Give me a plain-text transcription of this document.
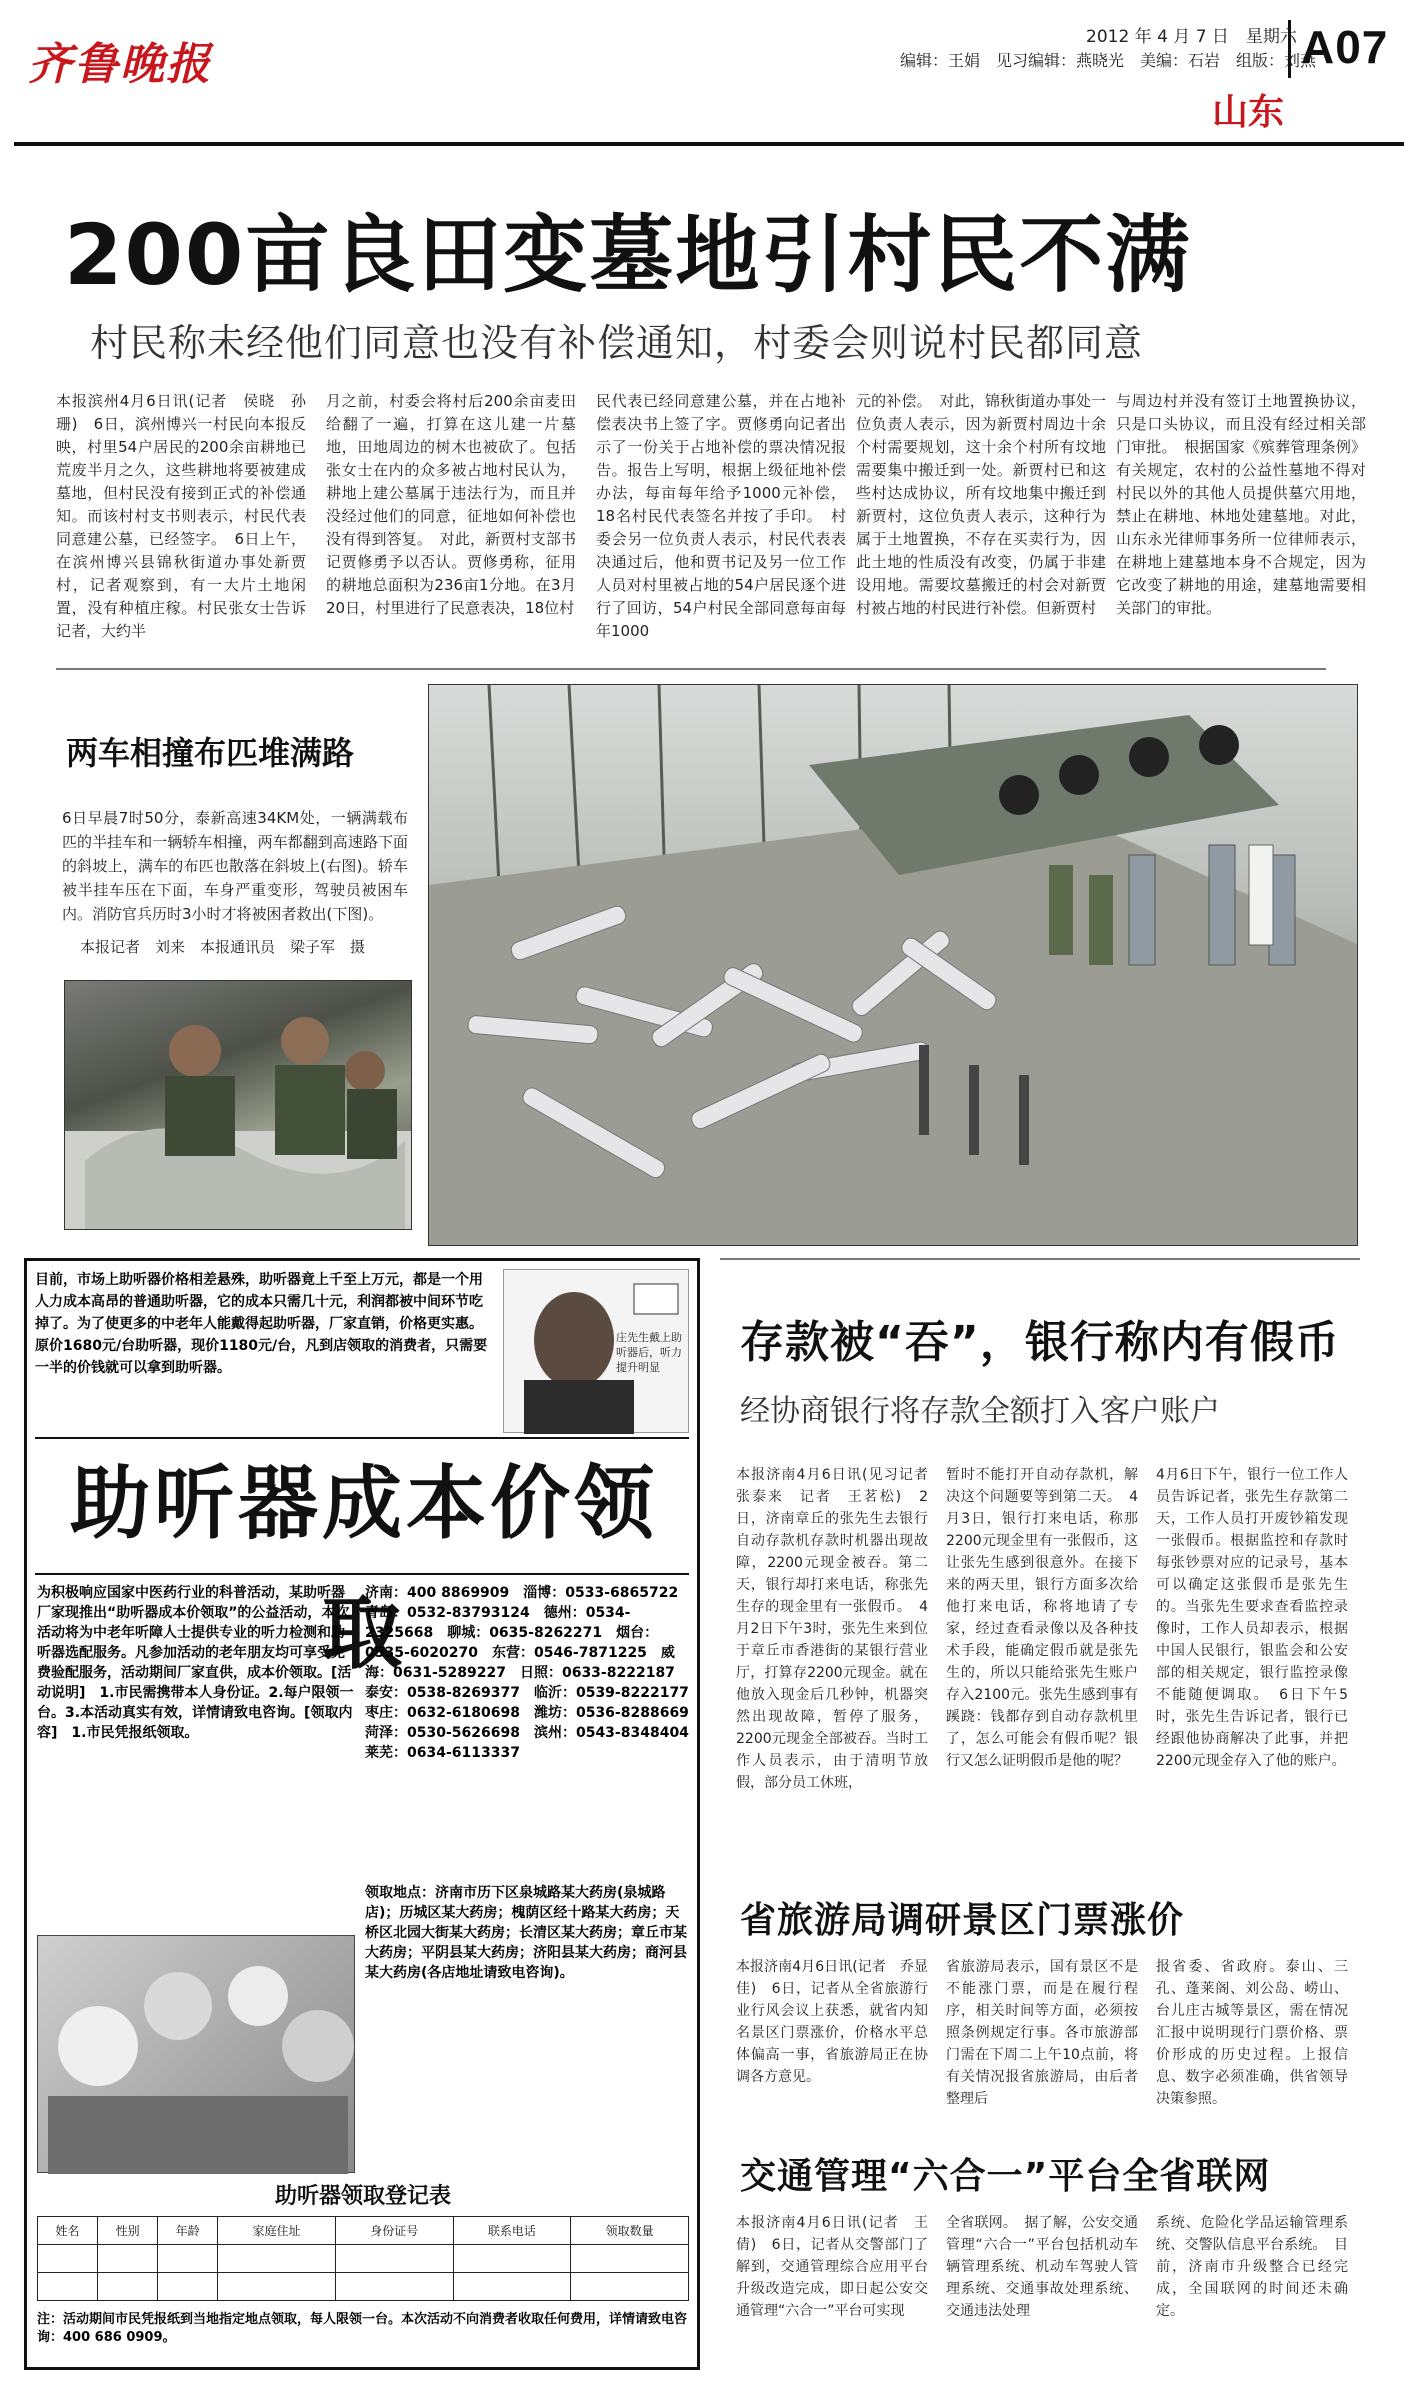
齐鲁晚报
2012 年 4 月 7 日　星期六
编辑：王娟　见习编辑：燕晓光　美编：石岩　组版：刘燕
A07
山东
200亩良田变墓地引村民不满
村民称未经他们同意也没有补偿通知，村委会则说村民都同意
本报滨州4月6日讯(记者　侯晓　孙珊)　6日，滨州博兴一村民向本报反映，村里54户居民的200余亩耕地已荒废半月之久，这些耕地将要被建成墓地，但村民没有接到正式的补偿通知。而该村村支书则表示，村民代表同意建公墓，已经签字。　6日上午，在滨州博兴县锦秋街道办事处新贾村，记者观察到，有一大片土地闲置，没有种植庄稼。村民张女士告诉记者，大约半
月之前，村委会将村后200余亩麦田给翻了一遍，打算在这儿建一片墓地，田地周边的树木也被砍了。包括张女士在内的众多被占地村民认为，耕地上建公墓属于违法行为，而且并没经过他们的同意，征地如何补偿也没有得到答复。　对此，新贾村支部书记贾修勇予以否认。贾修勇称，征用的耕地总面积为236亩1分地。在3月20日，村里进行了民意表决，18位村
民代表已经同意建公墓，并在占地补偿表决书上签了字。贾修勇向记者出示了一份关于占地补偿的票决情况报告。报告上写明，根据上级征地补偿办法，每亩每年给予1000元补偿，18名村民代表签名并按了手印。　村委会另一位负责人表示，村民代表表决通过后，他和贾书记及另一位工作人员对村里被占地的54户居民逐个进行了回访，54户村民全部同意每亩每年1000
元的补偿。　对此，锦秋街道办事处一位负责人表示，因为新贾村周边十余个村需要规划，这十余个村所有坟地需要集中搬迁到一处。新贾村已和这些村达成协议，所有坟地集中搬迁到新贾村，这位负责人表示，这种行为属于土地置换，不存在买卖行为，因此土地的性质没有改变，仍属于非建设用地。需要坟墓搬迁的村会对新贾村被占地的村民进行补偿。但新贾村
与周边村并没有签订土地置换协议，只是口头协议，而且没有经过相关部门审批。　根据国家《殡葬管理条例》有关规定，农村的公益性墓地不得对村民以外的其他人员提供墓穴用地，禁止在耕地、林地处建墓地。对此，山东永光律师事务所一位律师表示，在耕地上建墓地本身不合规定，因为它改变了耕地的用途，建墓地需要相关部门的审批。
两车相撞布匹堆满路
6日早晨7时50分，泰新高速34KM处，一辆满载布匹的半挂车和一辆轿车相撞，两车都翻到高速路下面的斜坡上，满车的布匹也散落在斜坡上(右图)。轿车被半挂车压在下面，车身严重变形，驾驶员被困车内。消防官兵历时3小时才将被困者救出(下图)。
本报记者　刘来　本报通讯员　梁子军　摄
目前，市场上助听器价格相差悬殊，助听器竟上千至上万元，都是一个用人力成本高昂的普通助听器，它的成本只需几十元，利润都被中间环节吃掉了。为了使更多的中老年人能戴得起助听器，厂家直销，价格更实惠。原价1680元/台助听器，现价1180元/台，凡到店领取的消费者，只需要一半的价钱就可以拿到助听器。
庄先生戴上助听器后，听力提升明显
助听器成本价领取
为积极响应国家中医药行业的科普活动，某助听器厂家现推出“助听器成本价领取”的公益活动，本次活动将为中老年听障人士提供专业的听力检测和助听器选配服务。凡参加活动的老年朋友均可享受免费验配服务，活动期间厂家直供，成本价领取。[活动说明]　1.市民需携带本人身份证。2.每户限领一台。3.本活动真实有效，详情请致电咨询。[领取内容]　1.市民凭报纸领取。
济南：400 8869909　淄博：0533-6865722　青岛：0532-83793124　德州：0534-2325668　聊城：0635-8262271　烟台：0535-6020270　东营：0546-7871225　威海：0631-5289227　日照：0633-8222187　泰安：0538-8269377　临沂：0539-8222177　枣庄：0632-6180698　潍坊：0536-8288669　菏泽：0530-5626698　滨州：0543-8348404　莱芜：0634-6113337
领取地点：济南市历下区泉城路某大药房(泉城路店)；历城区某大药房；槐荫区经十路某大药房；天桥区北园大街某大药房；长清区某大药房；章丘市某大药房；平阴县某大药房；济阳县某大药房；商河县某大药房(各店地址请致电咨询)。
助听器领取登记表
姓名	性别	年龄	家庭住址	身份证号	联系电话	领取数量

注：活动期间市民凭报纸到当地指定地点领取，每人限领一台。本次活动不向消费者收取任何费用，详情请致电咨询：400 686 0909。
存款被“吞”，银行称内有假币
经协商银行将存款全额打入客户账户
本报济南4月6日讯(见习记者　张泰来　记者　王茗松)　2日，济南章丘的张先生去银行自动存款机存款时机器出现故障，2200元现金被吞。第二天，银行却打来电话，称张先生存的现金里有一张假币。　4月2日下午3时，张先生来到位于章丘市香港街的某银行营业厅，打算存2200元现金。就在他放入现金后几秒钟，机器突然出现故障，暂停了服务，2200元现金全部被吞。当时工作人员表示，由于清明节放假，部分员工休班，
暂时不能打开自动存款机，解决这个问题要等到第二天。　4月3日，银行打来电话，称那2200元现金里有一张假币，这让张先生感到很意外。在接下来的两天里，银行方面多次给他打来电话，称将地请了专家，经过查看录像以及各种技术手段，能确定假币就是张先生的，所以只能给张先生账户存入2100元。张先生感到事有蹊跷：钱都存到自动存款机里了，怎么可能会有假币呢？银行又怎么证明假币是他的呢？
4月6日下午，银行一位工作人员告诉记者，张先生存款第二天，工作人员打开废钞箱发现一张假币。根据监控和存款时每张钞票对应的记录号，基本可以确定这张假币是张先生的。当张先生要求查看监控录像时，工作人员却表示，根据中国人民银行，银监会和公安部的相关规定，银行监控录像不能随便调取。　6日下午5时，张先生告诉记者，银行已经跟他协商解决了此事，并把2200元现金存入了他的账户。
省旅游局调研景区门票涨价
本报济南4月6日讯(记者　乔显佳)　6日，记者从全省旅游行业行风会议上获悉，就省内知名景区门票涨价，价格水平总体偏高一事，省旅游局正在协调各方意见。
省旅游局表示，国有景区不是不能涨门票，而是在履行程序，相关时间等方面，必须按照条例规定行事。各市旅游部门需在下周二上午10点前，将有关情况报省旅游局，由后者整理后
报省委、省政府。泰山、三孔、蓬莱阁、刘公岛、崂山、台儿庄古城等景区，需在情况汇报中说明现行门票价格、票价形成的历史过程。上报信息、数字必须准确，供省领导决策参照。
交通管理“六合一”平台全省联网
本报济南4月6日讯(记者　王倩)　6日，记者从交警部门了解到，交通管理综合应用平台升级改造完成，即日起公安交通管理“六合一”平台可实现
全省联网。　据了解，公安交通管理“六合一”平台包括机动车辆管理系统、机动车驾驶人管理系统、交通事故处理系统、交通违法处理
系统、危险化学品运输管理系统、交警队信息平台系统。　目前，济南市升级整合已经完成，全国联网的时间还未确定。
